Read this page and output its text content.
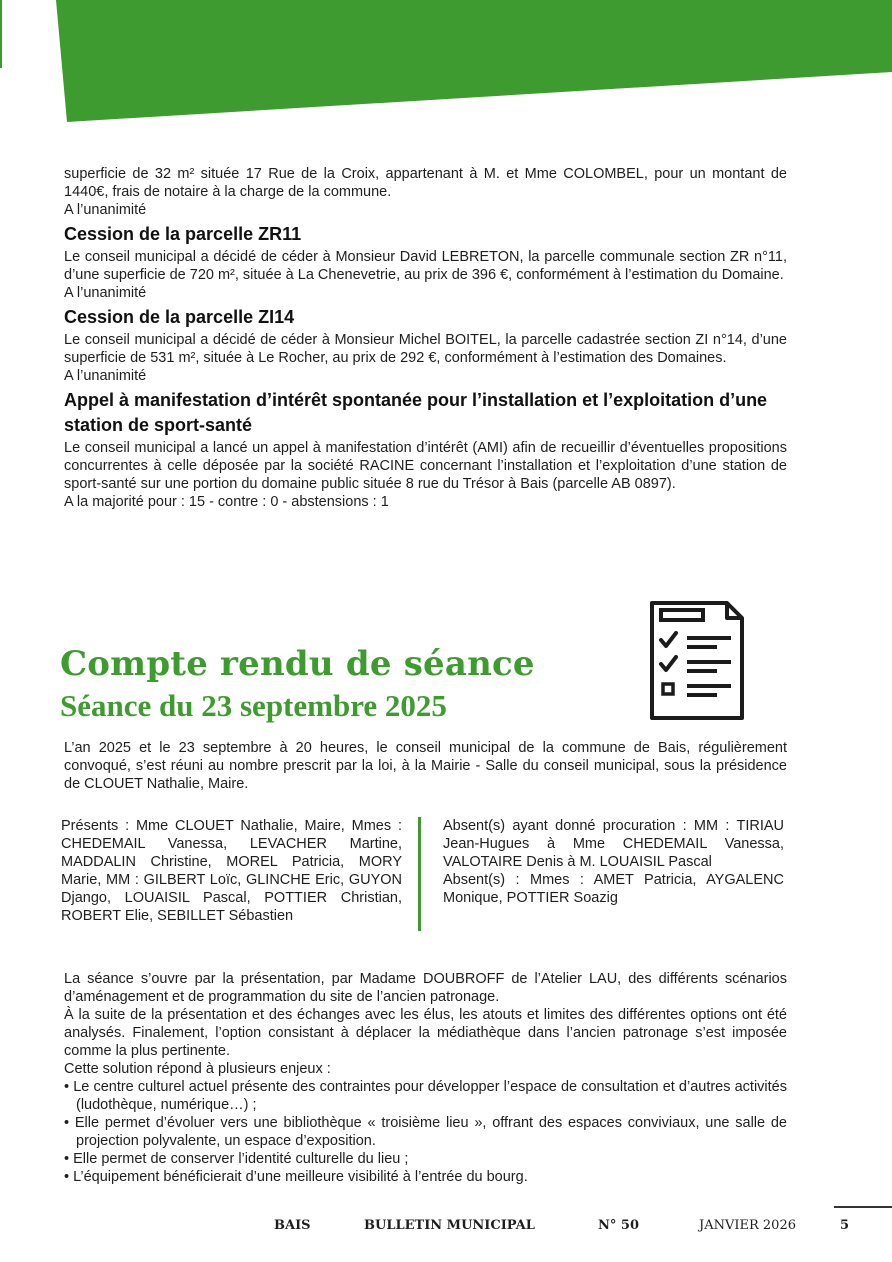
superficie de 32 m² située 17 Rue de la Croix, appartenant à M. et Mme COLOMBEL, pour un montant de 1440€, frais de notaire à la charge de la commune.

A l’unanimité

Cession de la parcelle ZR11

Le conseil municipal a décidé de céder à Monsieur David LEBRETON, la parcelle communale section ZR n°11, d’une superficie de 720 m², située à La Chenevetrie, au prix de 396 €, conformément à l’estimation du Domaine.

A l’unanimité

Cession de la parcelle ZI14

Le conseil municipal a décidé de céder à Monsieur Michel BOITEL, la parcelle cadastrée section ZI n°14, d’une superficie de 531 m², située à Le Rocher, au prix de 292 €, conformément à l’estimation des Domaines.

A l’unanimité

Appel à manifestation d’intérêt spontanée pour l’installation et l’exploitation d’une station de sport-santé

Le conseil municipal a lancé un appel à manifestation d’intérêt (AMI) afin de recueillir d’éventuelles propositions concurrentes à celle déposée par la société RACINE concernant l’installation et l’exploitation d’une station de sport-santé sur une portion du domaine public située 8 rue du Trésor à Bais (parcelle AB 0897).

A la majorité pour : 15 - contre : 0 - abstensions : 1

Compte rendu de séance
Séance du 23 septembre 2025

L’an 2025 et le 23 septembre à 20 heures, le conseil municipal de la commune de Bais, régulièrement convoqué, s’est réuni au nombre prescrit par la loi, à la Mairie - Salle du conseil municipal, sous la présidence de CLOUET Nathalie, Maire.

Présents : Mme CLOUET Nathalie, Maire, Mmes : CHEDEMAIL Vanessa, LEVACHER Martine, MADDALIN Christine, MOREL Patricia, MORY Marie, MM : GILBERT Loïc, GLINCHE Eric, GUYON Django, LOUAISIL Pascal, POTTIER Christian, ROBERT Elie, SEBILLET Sébastien

Absent(s) ayant donné procuration : MM : TIRIAU Jean-Hugues à Mme CHEDEMAIL Vanessa, VALOTAIRE Denis à M. LOUAISIL Pascal

Absent(s) : Mmes : AMET Patricia, AYGALENC Monique, POTTIER Soazig

La séance s’ouvre par la présentation, par Madame DOUBROFF de l’Atelier LAU, des différents scénarios d’aménagement et de programmation du site de l’ancien patronage.

À la suite de la présentation et des échanges avec les élus, les atouts et limites des différentes options ont été analysés. Finalement, l’option consistant à déplacer la médiathèque dans l’ancien patronage s’est imposée comme la plus pertinente.

Cette solution répond à plusieurs enjeux :

• Le centre culturel actuel présente des contraintes pour développer l’espace de consultation et d’autres activités (ludothèque, numérique…) ;

• Elle permet d’évoluer vers une bibliothèque « troisième lieu », offrant des espaces conviviaux, une salle de projection polyvalente, un espace d’exposition.

• Elle permet de conserver l’identité culturelle du lieu ;

• L’équipement bénéficierait d’une meilleure visibilité à l’entrée du bourg.

BAIS	BULLETIN MUNICIPAL	N° 50	JANVIER 2026	5
